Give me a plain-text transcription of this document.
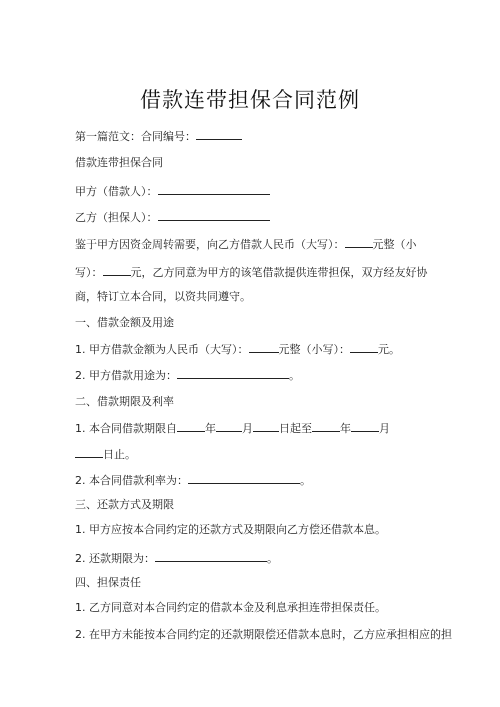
借款连带担保合同范例
第一篇范文：合同编号：
借款连带担保合同
甲方（借款人）：
乙方（担保人）：
鉴于甲方因资金周转需要，向乙方借款人民币（大写）：	元整（小
写）：	元，乙方同意为甲方的该笔借款提供连带担保，双方经友好协
商，特订立本合同，以资共同遵守。
一、借款金额及用途
1. 甲方借款金额为人民币（大写）：	元整（小写）：	元。
2. 甲方借款用途为：	。
二、借款期限及利率
1. 本合同借款期限自	年 月 日起至	年	月
日止。
2. 本合同借款利率为：	。
三、还款方式及期限
1. 甲方应按本合同约定的还款方式及期限向乙方偿还借款本息。
2. 还款期限为：	。
四、担保责任
1. 乙方同意对本合同约定的借款本金及利息承担连带担保责任。
2. 在甲方未能按本合同约定的还款期限偿还借款本息时，乙方应承担相应的担
